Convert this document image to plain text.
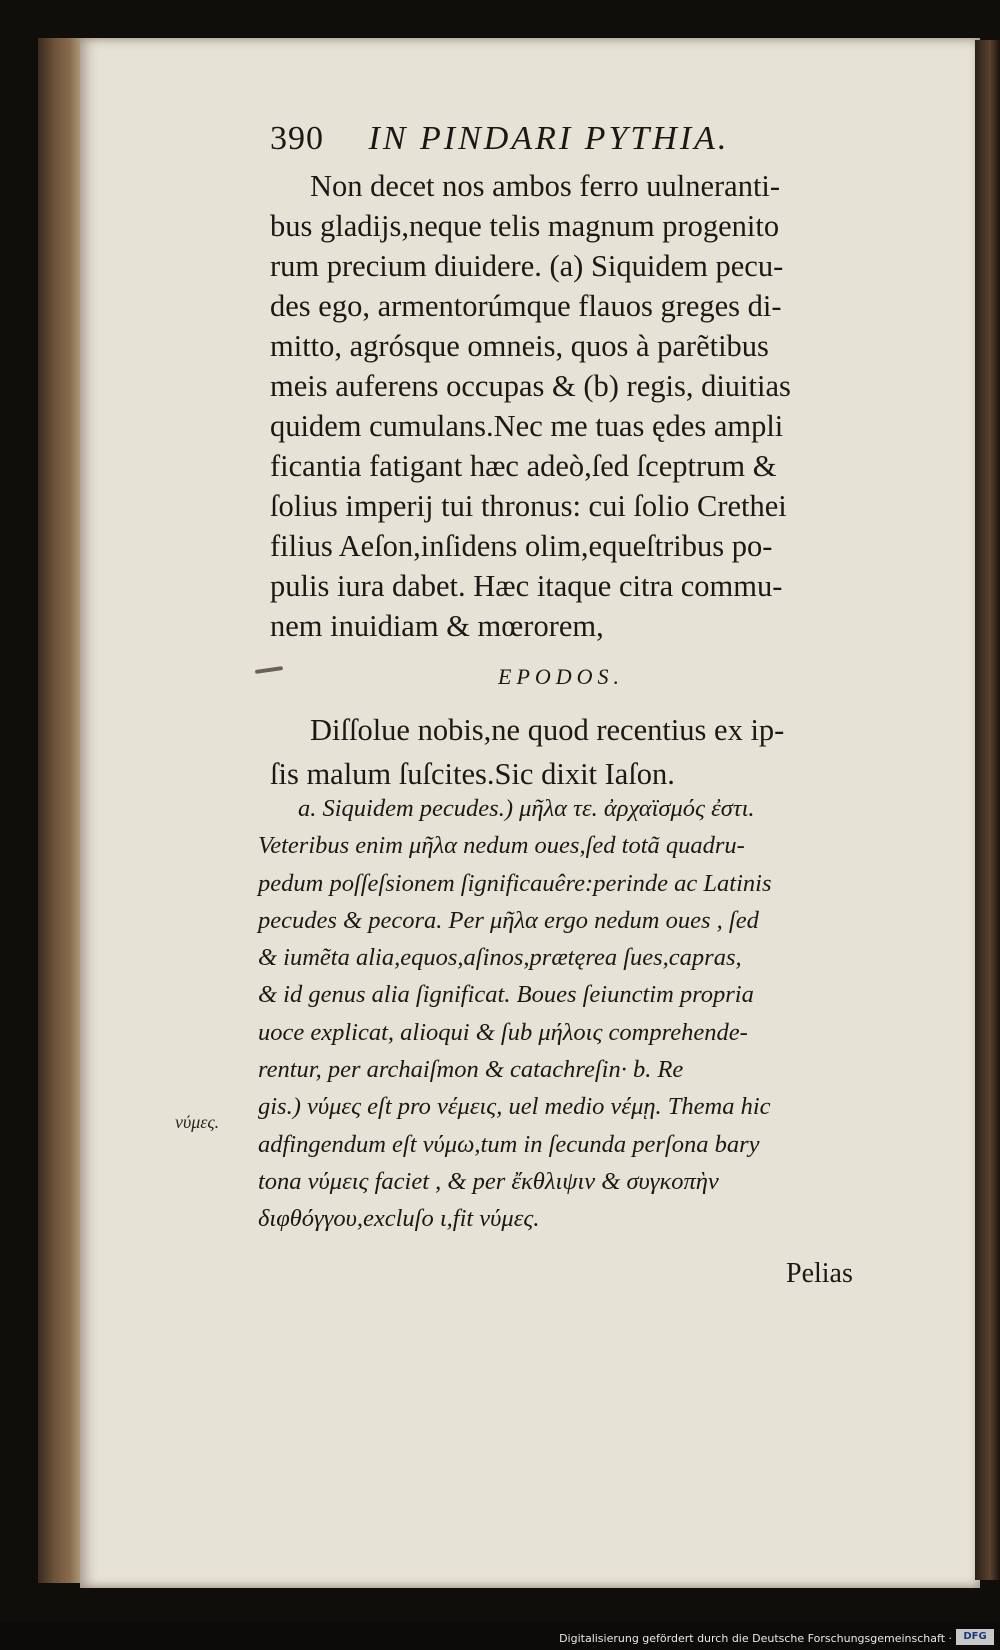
390 IN PINDARI PYTHIA.
Non decet nos ambos ferro uulneranti-
bus gladijs,neque telis magnum progenito
rum precium diuidere. (a) Siquidem pecu-
des ego, armentorúmque flauos greges di-
mitto, agrósque omneis, quos à parẽtibus
meis auferens occupas & (b) regis, diuitias
quidem cumulans.Nec me tuas ędes ampli
ficantia fatigant hæc adeò,ſed ſceptrum &
ſolius imperij tui thronus: cui ſolio Crethei
filius Aeſon,inſidens olim,equeſtribus po-
pulis iura dabet. Hæc itaque citra commu-
nem inuidiam & mœrorem,
EPODOS.
Diſſolue nobis,ne quod recentius ex ip-
ſis malum ſuſcites.Sic dixit Iaſon.
a. Siquidem pecudes.) μῆλα τε. ἀρχαϊσμός ἐστι.
Veteribus enim μῆλα nedum oues,ſed totã quadru-
pedum poſſeſsionem ſignificauêre:perinde ac Latinis
pecudes & pecora. Per μῆλα ergo nedum oues , ſed
& iumẽta alia,equos,aſinos,prætęrea ſues,capras,
& id genus alia ſignificat. Boues ſeiunctim propria
uoce explicat, alioqui & ſub μήλοις comprehende-
rentur, per archaiſmon & catachreſin· b. Re
gis.) νύμες eſt pro νέμεις, uel medio νέμῃ. Thema hic
adfingendum eſt νύμω,tum in ſecunda perſona bary
tona νύμεις faciet , & per ἔκθλιψιν & συγκοπὴν
διφθόγγου,excluſo ι,fit νύμες.
νύμες.
Pelias
Digitalisierung gefördert durch die Deutsche Forschungsgemeinschaft ·	DFG
